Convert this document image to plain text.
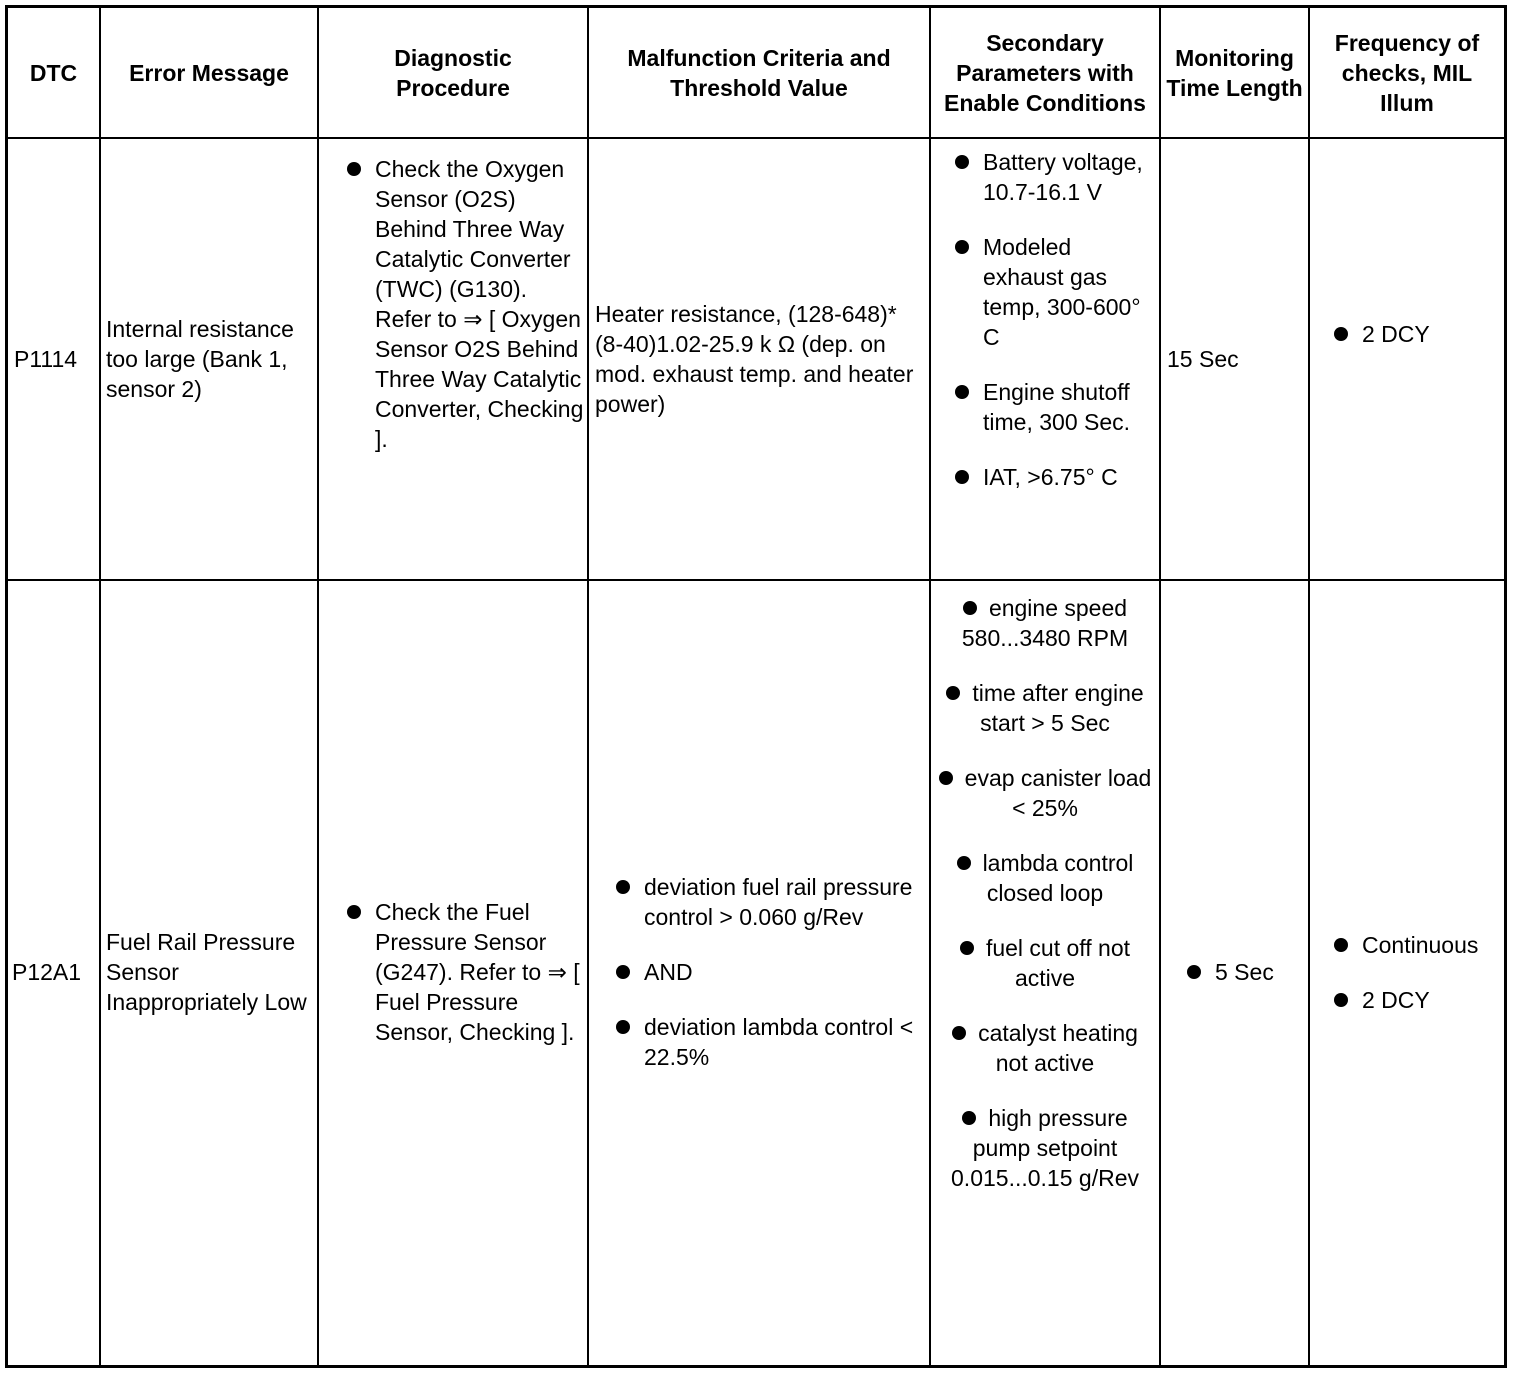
DTC	Error Message
Diagnostic Procedure
Malfunction Criteria and Threshold Value
Secondary Parameters with Enable Conditions
Monitoring Time Length
Frequency of checks, MIL Illum
P1114
Internal resistance too large (Bank 1, sensor 2)
Check the Oxygen Sensor (O2S) Behind Three Way Catalytic Converter (TWC) (G130). Refer to ⇒ [ Oxygen Sensor O2S Behind Three Way Catalytic Converter, Checking ].
Heater resistance, (128-648)*(8-40)1.02-25.9 k Ω (dep. on mod. exhaust temp. and heater power)
Battery voltage, 10.7-16.1 V
Modeled exhaust gas temp, 300-600° C
Engine shutoff time, 300 Sec.
IAT, >6.75° C
15 Sec
2 DCY
P12A1
Fuel Rail Pressure Sensor Inappropriately Low
Check the Fuel Pressure Sensor (G247). Refer to ⇒ [ Fuel Pressure Sensor, Checking ].
deviation fuel rail pressure control > 0.060 g/Rev
AND
deviation lambda control < 22.5%
engine speed 580...3480 RPM
time after engine start > 5 Sec
evap canister load < 25%
lambda control closed loop
fuel cut off not active
catalyst heating not active
high pressure pump setpoint 0.015...0.15 g/Rev
5 Sec
Continuous
2 DCY
